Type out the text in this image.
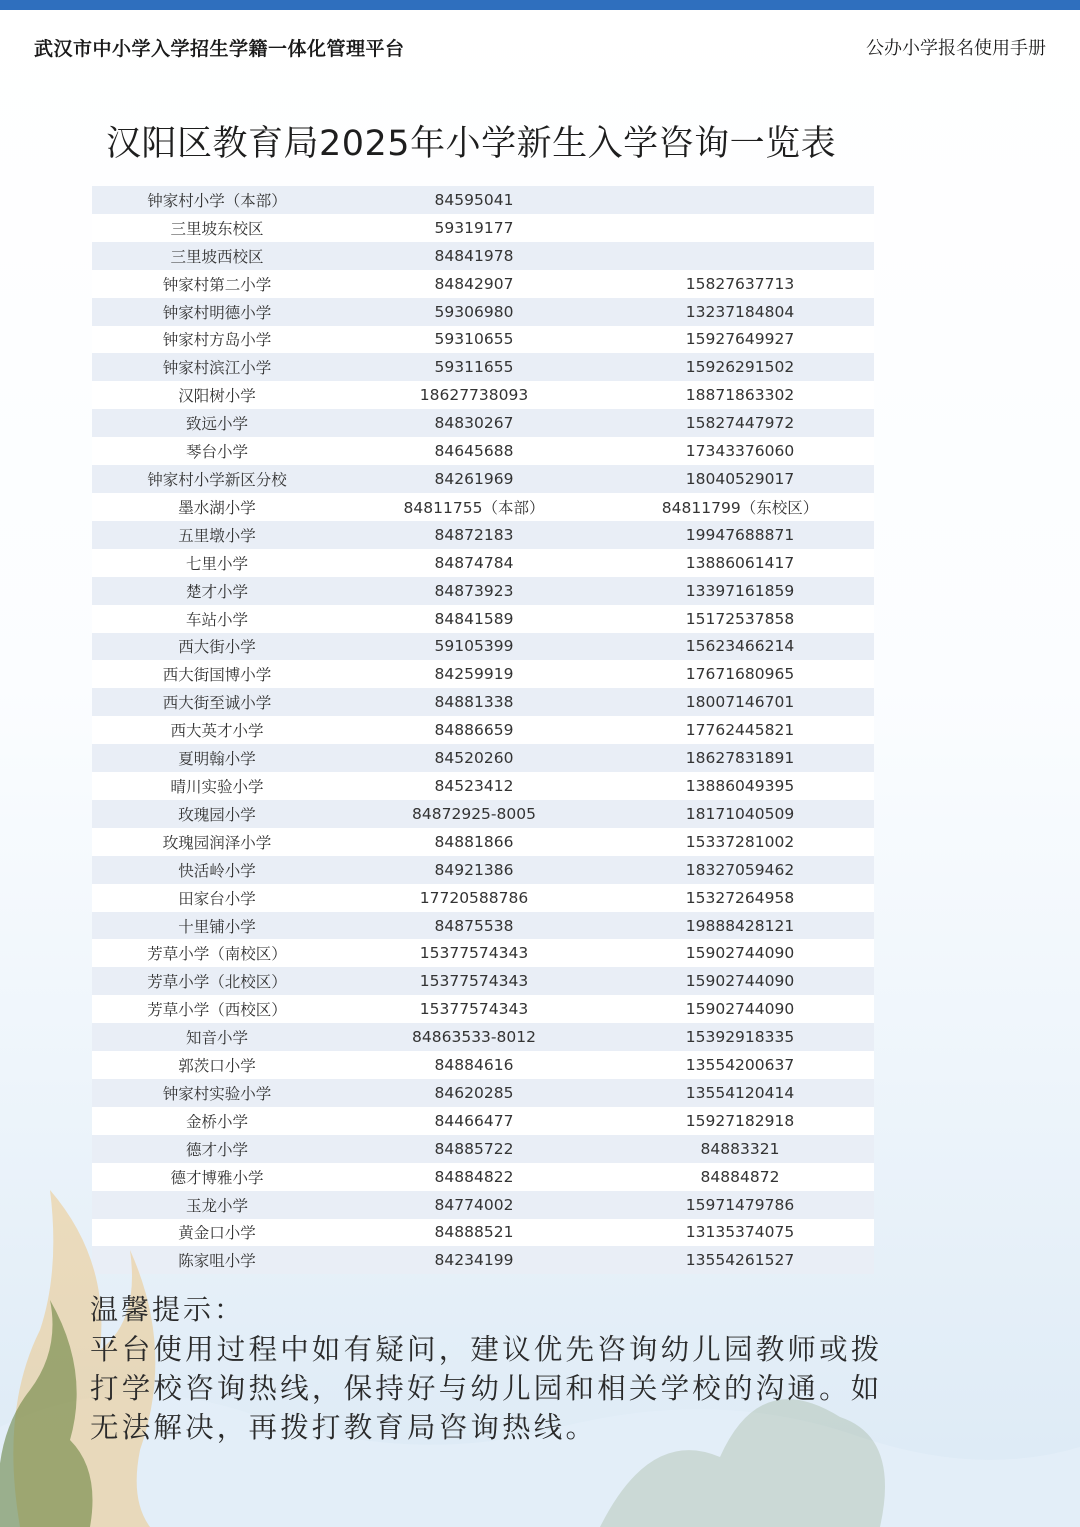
武汉市中小学入学招生学籍一体化管理平台	公办小学报名使用手册
汉阳区教育局2025年小学新生入学咨询一览表
钟家村小学（本部）	84595041	
三里坡东校区	59319177	
三里坡西校区	84841978	
钟家村第二小学	84842907	15827637713
钟家村明德小学	59306980	13237184804
钟家村方岛小学	59310655	15927649927
钟家村滨江小学	59311655	15926291502
汉阳树小学	18627738093	18871863302
致远小学	84830267	15827447972
琴台小学	84645688	17343376060
钟家村小学新区分校	84261969	18040529017
墨水湖小学	84811755（本部）	84811799（东校区）
五里墩小学	84872183	19947688871
七里小学	84874784	13886061417
楚才小学	84873923	13397161859
车站小学	84841589	15172537858
西大街小学	59105399	15623466214
西大街国博小学	84259919	17671680965
西大街至诚小学	84881338	18007146701
西大英才小学	84886659	17762445821
夏明翰小学	84520260	18627831891
晴川实验小学	84523412	13886049395
玫瑰园小学	84872925-8005	18171040509
玫瑰园润泽小学	84881866	15337281002
快活岭小学	84921386	18327059462
田家台小学	17720588786	15327264958
十里铺小学	84875538	19888428121
芳草小学（南校区）	15377574343	15902744090
芳草小学（北校区）	15377574343	15902744090
芳草小学（西校区）	15377574343	15902744090
知音小学	84863533-8012	15392918335
郭茨口小学	84884616	13554200637
钟家村实验小学	84620285	13554120414
金桥小学	84466477	15927182918
德才小学	84885722	84883321
德才博雅小学	84884822	84884872
玉龙小学	84774002	15971479786
黄金口小学	84888521	13135374075
陈家咀小学	84234199	13554261527
温馨提示：
平台使用过程中如有疑问，建议优先咨询幼儿园教师或拨
打学校咨询热线，保持好与幼儿园和相关学校的沟通。如
无法解决，再拨打教育局咨询热线。
